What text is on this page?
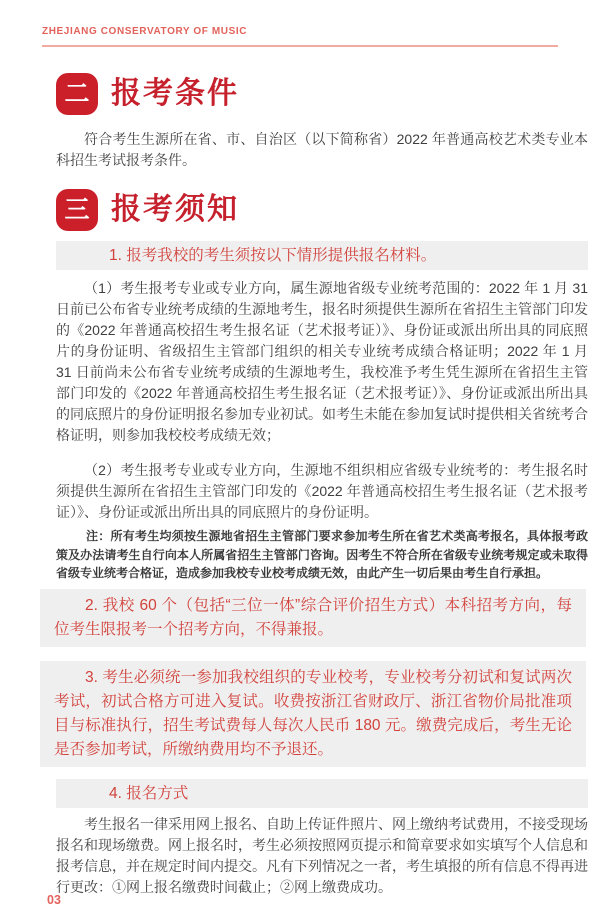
ZHEJIANG CONSERVATORY OF MUSIC
二 报考条件

符合考生生源所在省、市、自治区（以下简称省）2022 年普通高校艺术类专业本科招生考试报考条件。

三 报考须知
1. 报考我校的考生须按以下情形提供报名材料。

（1）考生报考专业或专业方向，属生源地省级专业统考范围的：2022 年 1 月 31 日前已公布省专业统考成绩的生源地考生，报名时须提供生源所在省招生主管部门印发的《2022 年普通高校招生考生报名证（艺术报考证）》、身份证或派出所出具的同底照片的身份证明、省级招生主管部门组织的相关专业统考成绩合格证明；2022 年 1 月 31 日前尚未公布省专业统考成绩的生源地考生，我校准予考生凭生源所在省招生主管部门印发的《2022 年普通高校招生考生报名证（艺术报考证）》、身份证或派出所出具的同底照片的身份证明报名参加专业初试。如考生未能在参加复试时提供相关省统考合格证明，则参加我校校考成绩无效；

（2）考生报考专业或专业方向，生源地不组织相应省级专业统考的：考生报名时须提供生源所在省招生主管部门印发的《2022 年普通高校招生考生报名证（艺术报考证）》、身份证或派出所出具的同底照片的身份证明。

注：所有考生均须按生源地省招生主管部门要求参加考生所在省艺术类高考报名，具体报考政策及办法请考生自行向本人所属省招生主管部门咨询。因考生不符合所在省级专业统考规定或未取得省级专业统考合格证，造成参加我校专业校考成绩无效，由此产生一切后果由考生自行承担。

2. 我校 60 个（包括“三位一体”综合评价招生方式）本科招考方向，每位考生限报考一个招考方向，不得兼报。
3. 考生必须统一参加我校组织的专业校考，专业校考分初试和复试两次考试，初试合格方可进入复试。收费按浙江省财政厅、浙江省物价局批准项目与标准执行，招生考试费每人每次人民币 180 元。缴费完成后，考生无论是否参加考试，所缴纳费用均不予退还。
4. 报名方式

考生报名一律采用网上报名、自助上传证件照片、网上缴纳考试费用，不接受现场报名和现场缴费。网上报名时，考生必须按照网页提示和简章要求如实填写个人信息和报考信息，并在规定时间内提交。凡有下列情况之一者，考生填报的所有信息不得再进行更改：①网上报名缴费时间截止；②网上缴费成功。

03
